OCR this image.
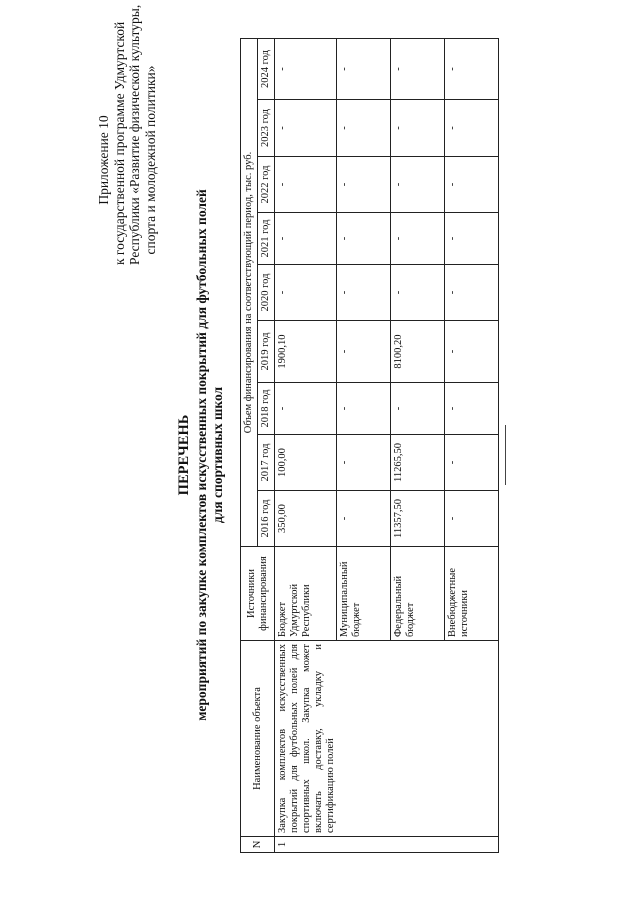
Приложение 10 к государственной программе Удмуртской Республики «Развитие физической культуры, спорта и молодежной политики»
ПЕРЕЧЕНЬ мероприятий по закупке комплектов искусственных покрытий для футбольных полей для спортивных школ
N	Наименование объекта	Источники финансирования	Объем финансирования на соответствующий период, тыс. руб.								
			2016 год	2017 год	2018 год	2019 год	2020 год	2021 год	2022 год	2023 год	2024 год
1	Закупка комплектов искусственных покрытий для футбольных полей для спортивных школ. Закупка может включать доставку, укладку и сертификацию полей	Бюджет Удмуртской Республики	350,00	100,00	-	1900,10	-	-	-	-	-
		Муниципальный бюджет	-	-	-	-	-	-	-	-	-
		Федеральный бюджет	11357,50	11265,50	-	8100,20	-	-	-	-	-
		Внебюджетные источники	-	-	-	-	-	-	-	-	-
